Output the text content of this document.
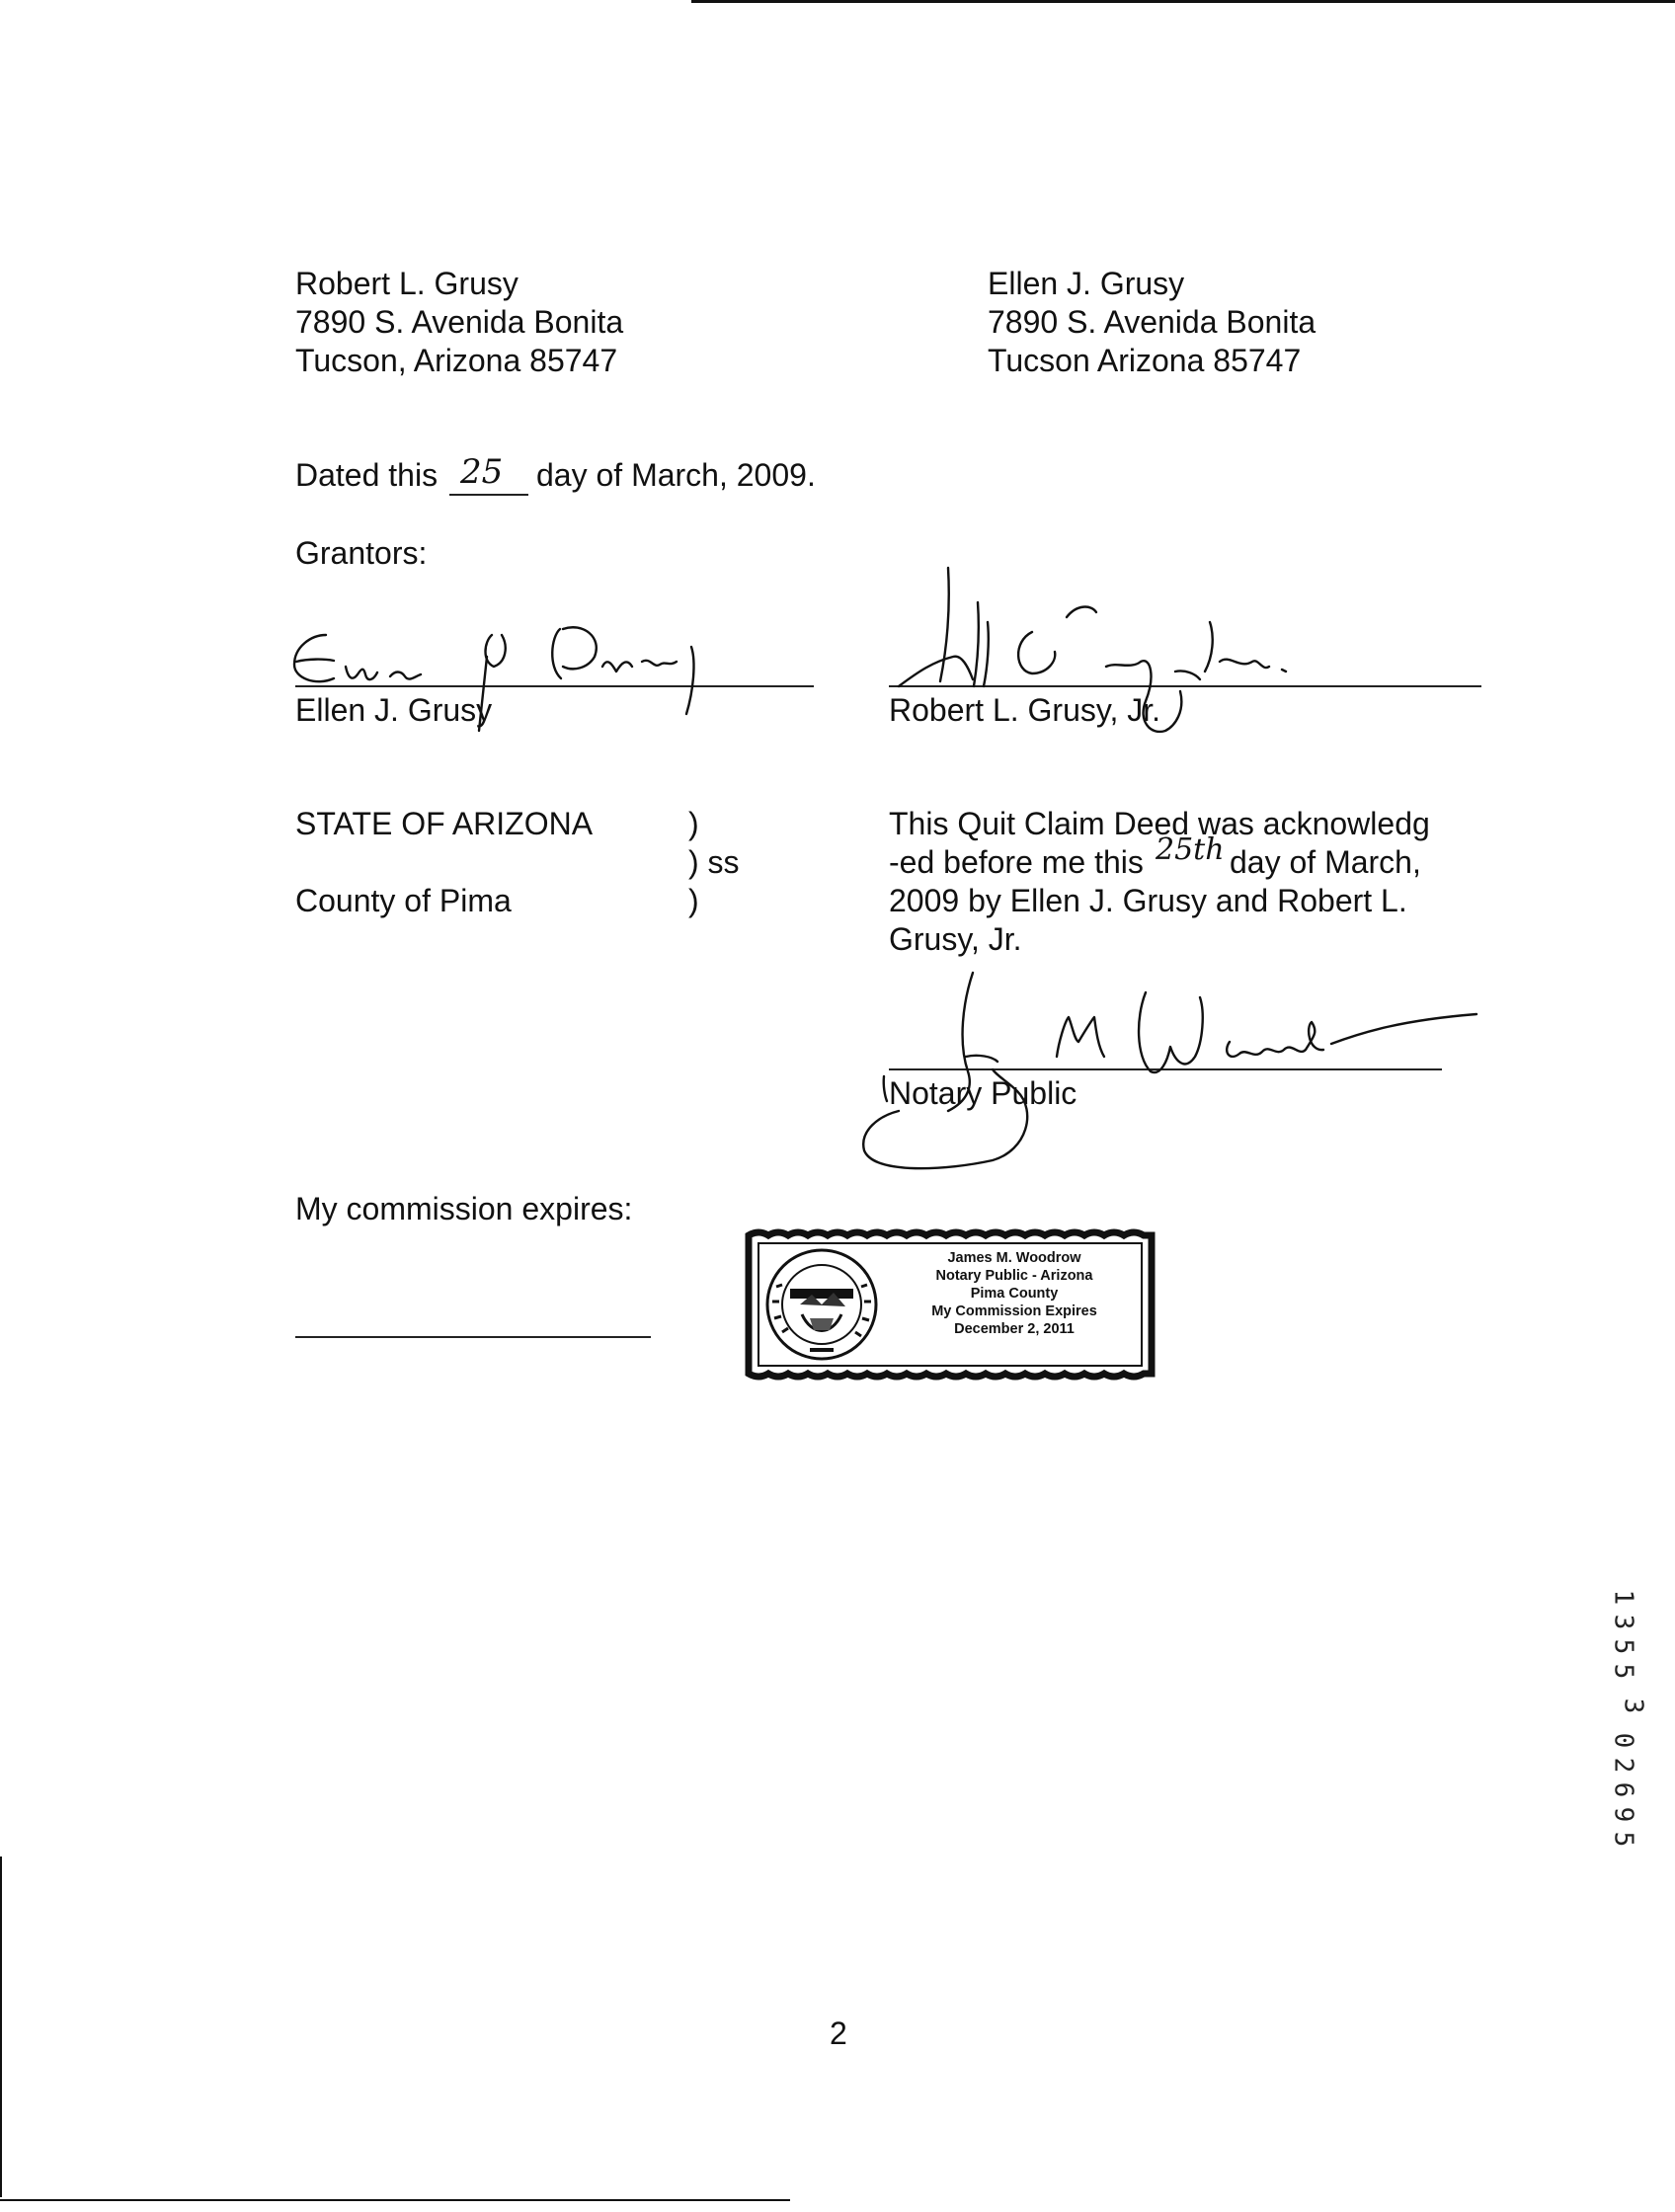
Robert L. Grusy
7890 S. Avenida Bonita
Tucson, Arizona 85747
Ellen J. Grusy
7890 S. Avenida Bonita
Tucson Arizona 85747
Dated this 25 day of March, 2009.
Grantors:
Ellen J. Grusy	Robert L. Grusy, Jr.
STATE OF ARIZONA	)
) ss
County of Pima	)
This Quit Claim Deed was acknowledg
-ed before me this 25th day of March,
2009 by Ellen J. Grusy and Robert L.
Grusy, Jr.
Notary Public
My commission expires:
James M. Woodrow
Notary Public - Arizona
Pima County
My Commission Expires
December 2, 2011
1
3
5
5
3
0
2
6
9
5
2
